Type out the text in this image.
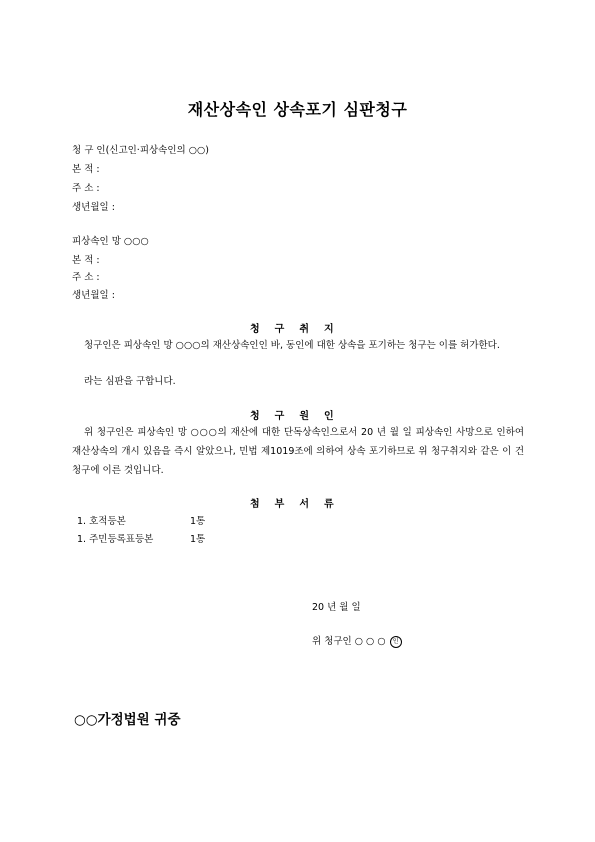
재산상속인 상속포기 심판청구
청 구 인(신고인·피상속인의 ○○)
본 적 :
주 소 :
생년월일 :
피상속인 망 ○○○
본 적 :
주 소 :
생년월일 :
청구취지
청구인은 피상속인 망 ○○○의 재산상속인인 바, 동인에 대한 상속을 포기하는 청구는 이를 허가한다.
라는 심판을 구합니다.
청구원인
위 청구인은 피상속인 망 ○○○의 재산에 대한 단독상속인으로서 20 년 월 일 피상속인 사망으로 인하여 재산상속의 개시 있음을 즉시 알았으나, 민법 제1019조에 의하여 상속 포기하므로 위 청구취지와 같은 이 건 청구에 이른 것입니다.
첨부서류
1. 호적등본	1통
1. 주민등록표등본	1통
20 년 월 일
위 청구인 ○ ○ ○ 인
○○가정법원 귀중
